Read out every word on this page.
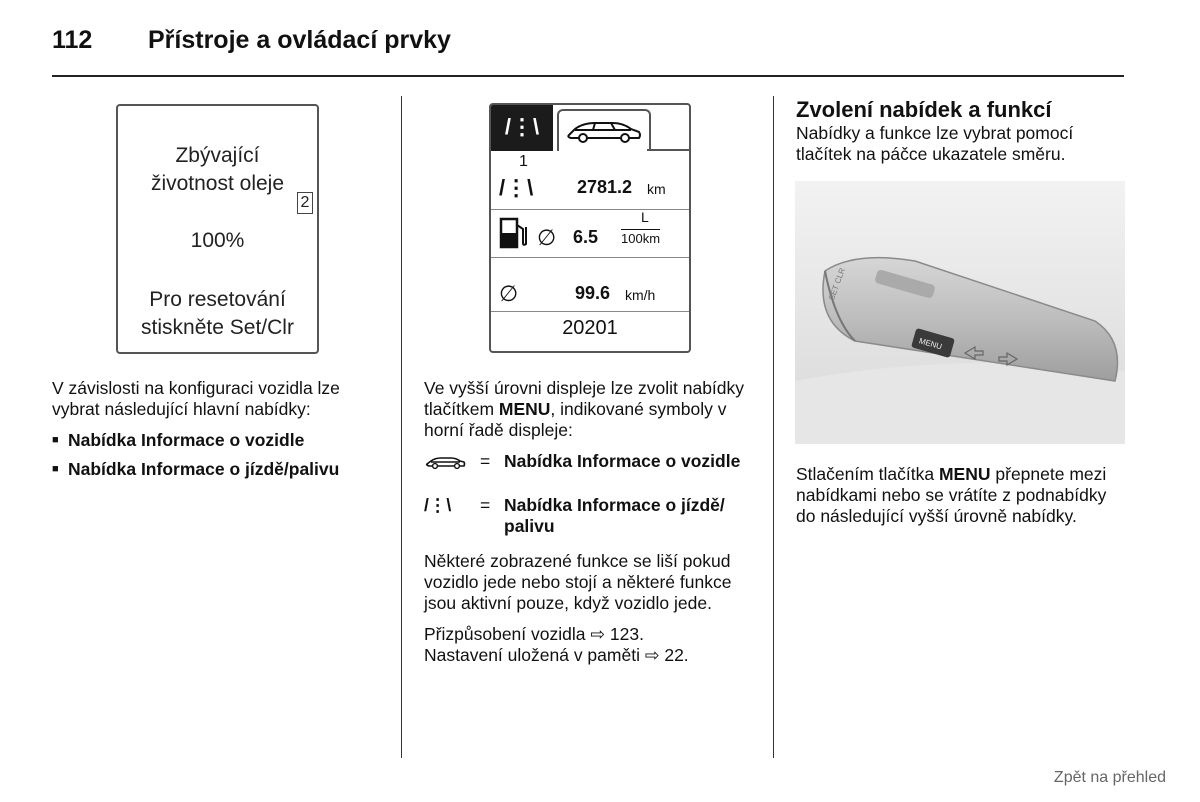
112 Přístroje a ovládací prvky
Zbývající
životnost oleje
2
100%
Pro resetování
stiskněte Set/Clr
/⋮\
1
/⋮\ 2781.2 km
∅ 6.5
L
100km
∅	99.6 km/h
20201

V závislosti na konfiguraci vozidla lze vybrat následující hlavní nabídky:

■ Nabídka Informace o vozidle
■ Nabídka Informace o jízdě/palivu

Ve vyšší úrovni displeje lze zvolit nabídky tlačítkem MENU, indikované symboly v horní řadě displeje:

= Nabídka Informace o vozidle
/⋮\ = Nabídka Informace o jízdě/ palivu

Některé zobrazené funkce se liší pokud vozidlo jede nebo stojí a některé funkce jsou aktivní pouze, když vozidlo jede.

Přizpůsobení vozidla ⇨ 123.
Nastavení uložená v paměti ⇨ 22.
Zvolení nabídek a funkcí

Nabídky a funkce lze vybrat pomocí tlačítek na páčce ukazatele směru.

MENU
SET CLR

Stlačením tlačítka MENU přepnete mezi nabídkami nebo se vrátíte z podnabídky do následující vyšší úrovně nabídky.

Zpět na přehled
